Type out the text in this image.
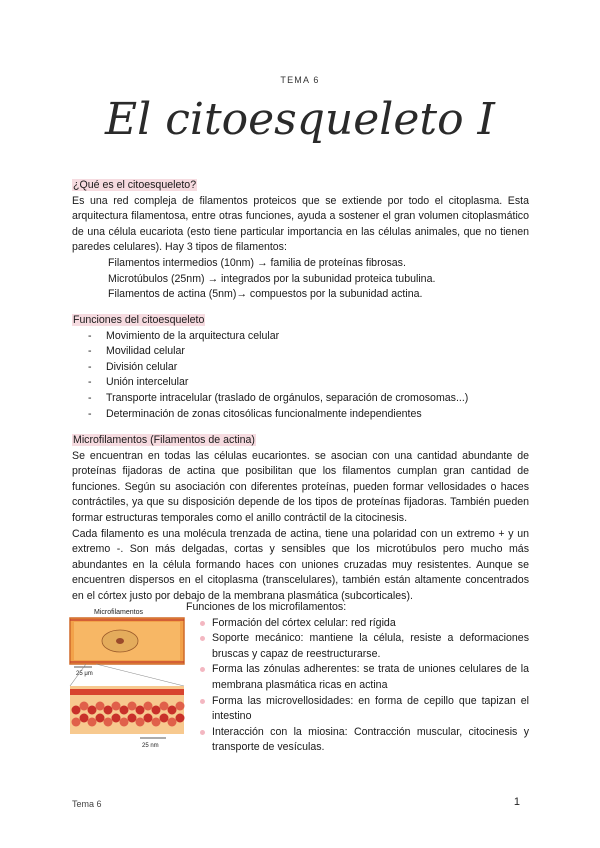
TEMA 6
El citoesqueleto I
¿Qué es el citoesqueleto?

Es una red compleja de filamentos proteicos que se extiende por todo el citoplasma. Esta arquitectura filamentosa, entre otras funciones, ayuda a sostener el gran volumen citoplasmático de una célula eucariota (esto tiene particular importancia en las células animales, que no tienen paredes celulares). Hay 3 tipos de filamentos:

Filamentos intermedios (10nm) → familia de proteínas fibrosas.

Microtúbulos (25nm) → integrados por la subunidad proteica tubulina.

Filamentos de actina (5nm)→ compuestos por la subunidad actina.

Funciones del citoesqueleto
- Movimiento de la arquitectura celular
- Movilidad celular
- División celular
- Unión intercelular
- Transporte intracelular (traslado de orgánulos, separación de cromosomas...)
- Determinación de zonas citosólicas funcionalmente independientes
Microfilamentos (Filamentos de actina)

Se encuentran en todas las células eucariontes. se asocian con una cantidad abundante de proteínas fijadoras de actina que posibilitan que los filamentos cumplan gran cantidad de funciones. Según su asociación con diferentes proteínas, pueden formar vellosidades o haces contráctiles, ya que su disposición depende de los tipos de proteínas fijadoras. También pueden formar estructuras temporales como el anillo contráctil de la citocinesis.

Cada filamento es una molécula trenzada de actina, tiene una polaridad con un extremo + y un extremo -. Son más delgadas, cortas y sensibles que los microtúbulos pero mucho más abundantes en la célula formando haces con uniones cruzadas muy resistentes. Aunque se encuentren dispersos en el citoplasma (transcelulares), también están altamente concentrados en el córtex justo por debajo de la membrana plasmática (subcorticales).

Microfilamentos
25 μm
25 nm
Funciones de los microfilamentos:
Formación del córtex celular: red rígida
Soporte mecánico: mantiene la célula, resiste a deformaciones bruscas y capaz de reestructurarse.
Forma las zónulas adherentes: se trata de uniones celulares de la membrana plasmática ricas en actina
Forma las microvellosidades: en forma de cepillo que tapizan el intestino
Interacción con la miosina: Contracción muscular, citocinesis y transporte de vesículas.
Tema 6	1
